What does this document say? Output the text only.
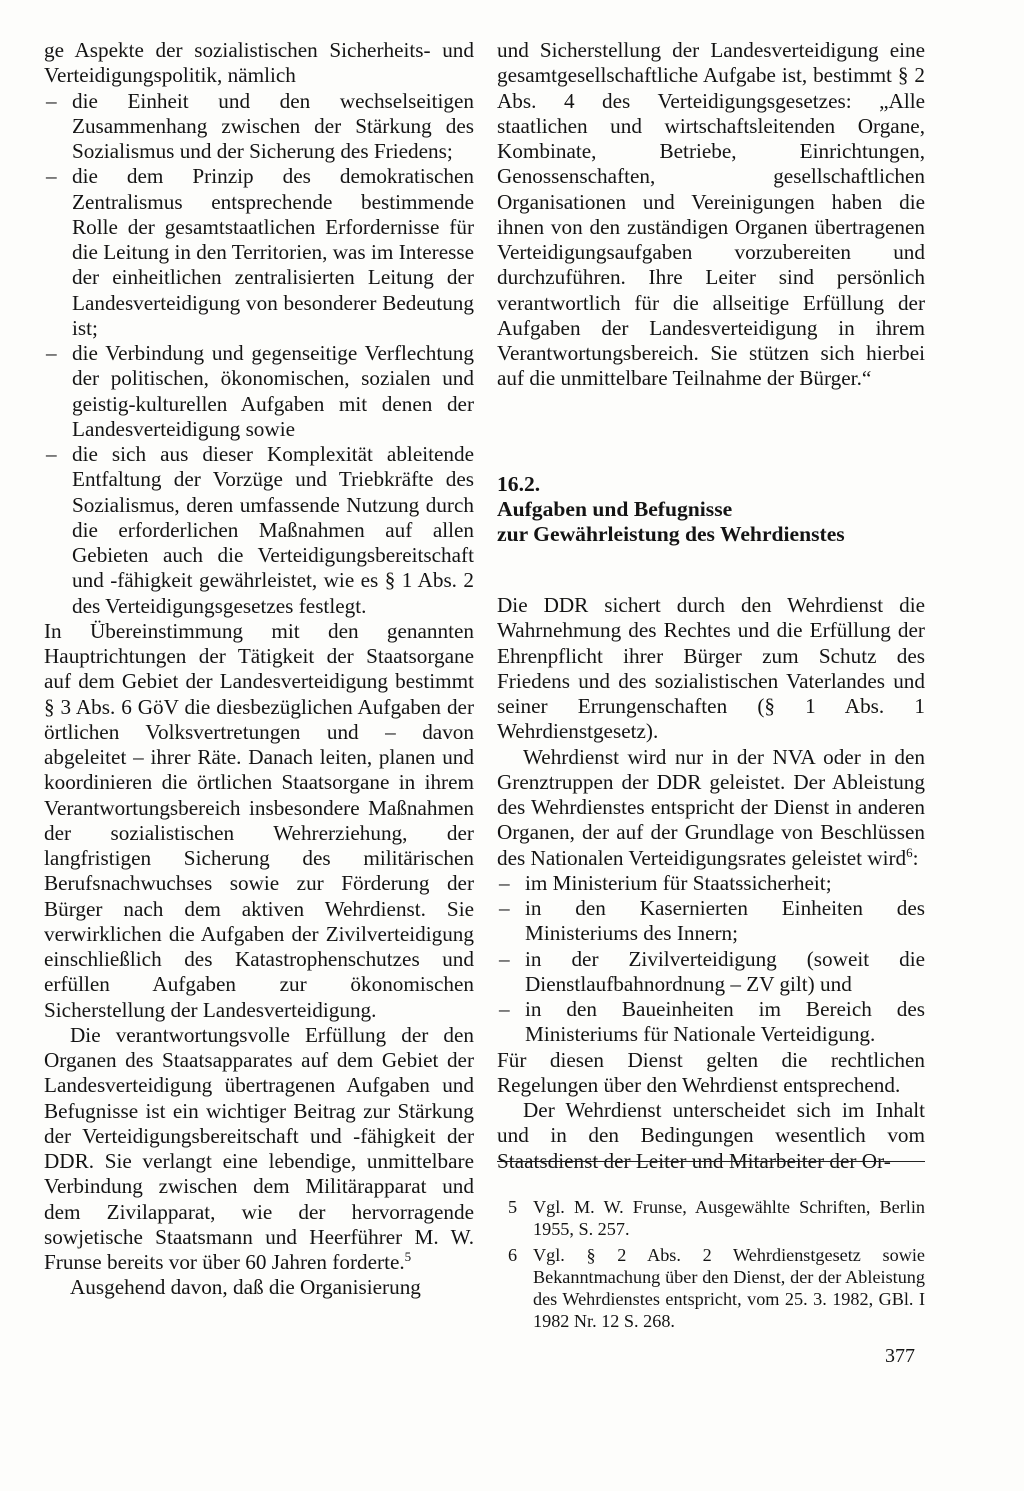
ge Aspekte der sozialistischen Sicherheits- und Verteidigungspolitik, nämlich

– die Einheit und den wechselseitigen Zusammenhang zwischen der Stärkung des Sozialismus und der Sicherung des Friedens;
– die dem Prinzip des demokratischen Zentralismus entsprechende bestimmende Rolle der gesamtstaatlichen Erfordernisse für die Leitung in den Territorien, was im Interesse der einheitlichen zentralisierten Leitung der Landesverteidigung von besonderer Bedeutung ist;
– die Verbindung und gegenseitige Verflechtung der politischen, ökonomischen, sozialen und geistig-kulturellen Aufgaben mit denen der Landesverteidigung sowie
– die sich aus dieser Komplexität ableitende Entfaltung der Vorzüge und Triebkräfte des Sozialismus, deren umfassende Nutzung durch die erforderlichen Maßnahmen auf allen Gebieten auch die Verteidigungsbereitschaft und -fähigkeit gewährleistet, wie es § 1 Abs. 2 des Verteidigungsgesetzes festlegt.

In Übereinstimmung mit den genannten Hauptrichtungen der Tätigkeit der Staatsorgane auf dem Gebiet der Landesverteidigung bestimmt § 3 Abs. 6 GöV die diesbezüglichen Aufgaben der örtlichen Volksvertretungen und – davon abgeleitet – ihrer Räte. Danach leiten, planen und koordinieren die örtlichen Staatsorgane in ihrem Verantwortungsbereich insbesondere Maßnahmen der sozialistischen Wehrerziehung, der langfristigen Sicherung des militärischen Berufsnachwuchses sowie zur Förderung der Bürger nach dem aktiven Wehrdienst. Sie verwirklichen die Aufgaben der Zivilverteidigung einschließlich des Katastrophenschutzes und erfüllen Aufgaben zur ökonomischen Sicherstellung der Landesverteidigung.

Die verantwortungsvolle Erfüllung der den Organen des Staatsapparates auf dem Gebiet der Landesverteidigung übertragenen Aufgaben und Befugnisse ist ein wichtiger Beitrag zur Stärkung der Verteidigungsbereitschaft und -fähigkeit der DDR. Sie verlangt eine lebendige, unmittelbare Verbindung zwischen dem Militärapparat und dem Zivilapparat, wie der hervorragende sowjetische Staatsmann und Heerführer M. W. Frunse bereits vor über 60 Jahren forderte.$^5$

Ausgehend davon, daß die Organisierung

und Sicherstellung der Landesverteidigung eine gesamtgesellschaftliche Aufgabe ist, bestimmt § 2 Abs. 4 des Verteidigungsgesetzes: „Alle staatlichen und wirtschaftsleitenden Organe, Kombinate, Betriebe, Einrichtungen, Genossenschaften, gesellschaftlichen Organisationen und Vereinigungen haben die ihnen von den zuständigen Organen übertragenen Verteidigungsaufgaben vorzubereiten und durchzuführen. Ihre Leiter sind persönlich verantwortlich für die allseitige Erfüllung der Aufgaben der Landesverteidigung in ihrem Verantwortungsbereich. Sie stützen sich hierbei auf die unmittelbare Teilnahme der Bürger.“

16.2.
Aufgaben und Befugnisse
zur Gewährleistung des Wehrdienstes

Die DDR sichert durch den Wehrdienst die Wahrnehmung des Rechtes und die Erfüllung der Ehrenpflicht ihrer Bürger zum Schutz des Friedens und des sozialistischen Vaterlandes und seiner Errungenschaften (§ 1 Abs. 1 Wehrdienstgesetz).

Wehrdienst wird nur in der NVA oder in den Grenztruppen der DDR geleistet. Der Ableistung des Wehrdienstes entspricht der Dienst in anderen Organen, der auf der Grundlage von Beschlüssen des Nationalen Verteidigungsrates geleistet wird$^6$:

– im Ministerium für Staatssicherheit;
– in den Kasernierten Einheiten des Ministeriums des Innern;
– in der Zivilverteidigung (soweit die Dienstlaufbahnordnung – ZV gilt) und
– in den Baueinheiten im Bereich des Ministeriums für Nationale Verteidigung.

Für diesen Dienst gelten die rechtlichen Regelungen über den Wehrdienst entsprechend.

Der Wehrdienst unterscheidet sich im Inhalt und in den Bedingungen wesentlich vom Staatsdienst der Leiter und Mitarbeiter der Or-

5 Vgl. M. W. Frunse, Ausgewählte Schriften, Berlin 1955, S. 257.

6 Vgl. § 2 Abs. 2 Wehrdienstgesetz sowie Bekanntmachung über den Dienst, der der Ableistung des Wehrdienstes entspricht, vom 25. 3. 1982, GBl. I 1982 Nr. 12 S. 268.

377
